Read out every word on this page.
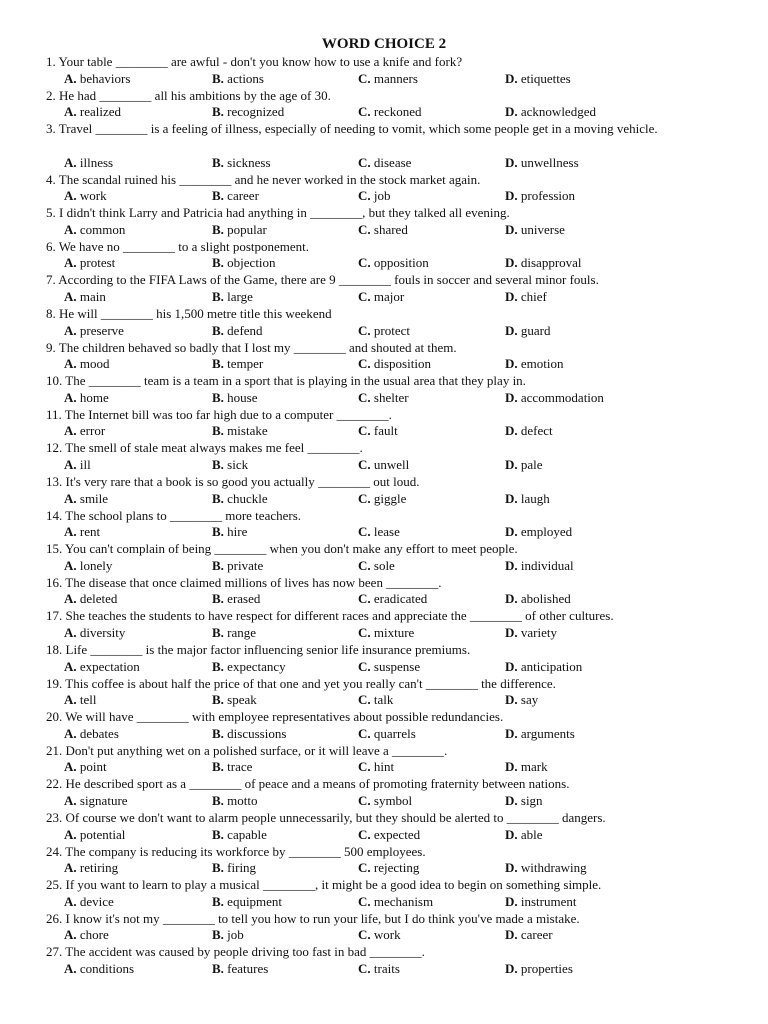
WORD CHOICE 2
1. Your table ________ are awful - don't you know how to use a knife and fork?
A. behaviors	B. actions	C. manners	D. etiquettes
2. He had ________ all his ambitions by the age of 30.
A. realized	B. recognized	C. reckoned	D. acknowledged
3. Travel ________ is a feeling of illness, especially of needing to vomit, which some people get in a moving vehicle.
A. illness	B. sickness	C. disease	D. unwellness
4. The scandal ruined his ________ and he never worked in the stock market again.
A. work	B. career	C. job	D. profession
5. I didn't think Larry and Patricia had anything in ________, but they talked all evening.
A. common	B. popular	C. shared	D. universe
6. We have no ________ to a slight postponement.
A. protest	B. objection	C. opposition	D. disapproval
7. According to the FIFA Laws of the Game, there are 9 ________ fouls in soccer and several minor fouls.
A. main	B. large	C. major	D. chief
8. He will ________ his 1,500 metre title this weekend
A. preserve	B. defend	C. protect	D. guard
9. The children behaved so badly that I lost my ________ and shouted at them.
A. mood	B. temper	C. disposition	D. emotion
10. The ________ team is a team in a sport that is playing in the usual area that they play in.
A. home	B. house	C. shelter	D. accommodation
11. The Internet bill was too far high due to a computer ________.
A. error	B. mistake	C. fault	D. defect
12. The smell of stale meat always makes me feel ________.
A. ill	B. sick	C. unwell	D. pale
13. It's very rare that a book is so good you actually ________ out loud.
A. smile	B. chuckle	C. giggle	D. laugh
14. The school plans to ________ more teachers.
A. rent	B. hire	C. lease	D. employed
15. You can't complain of being ________ when you don't make any effort to meet people.
A. lonely	B. private	C. sole	D. individual
16. The disease that once claimed millions of lives has now been ________.
A. deleted	B. erased	C. eradicated	D. abolished
17. She teaches the students to have respect for different races and appreciate the ________ of other cultures.
A. diversity	B. range	C. mixture	D. variety
18. Life ________ is the major factor influencing senior life insurance premiums.
A. expectation	B. expectancy	C. suspense	D. anticipation
19. This coffee is about half the price of that one and yet you really can't ________ the difference.
A. tell	B. speak	C. talk	D. say
20. We will have ________ with employee representatives about possible redundancies.
A. debates	B. discussions	C. quarrels	D. arguments
21. Don't put anything wet on a polished surface, or it will leave a ________.
A. point	B. trace	C. hint	D. mark
22. He described sport as a ________ of peace and a means of promoting fraternity between nations.
A. signature	B. motto	C. symbol	D. sign
23. Of course we don't want to alarm people unnecessarily, but they should be alerted to ________ dangers.
A. potential	B. capable	C. expected	D. able
24. The company is reducing its workforce by ________ 500 employees.
A. retiring	B. firing	C. rejecting	D. withdrawing
25. If you want to learn to play a musical ________, it might be a good idea to begin on something simple.
A. device	B. equipment	C. mechanism	D. instrument
26. I know it's not my ________ to tell you how to run your life, but I do think you've made a mistake.
A. chore	B. job	C. work	D. career
27. The accident was caused by people driving too fast in bad ________.
A. conditions	B. features	C. traits	D. properties
